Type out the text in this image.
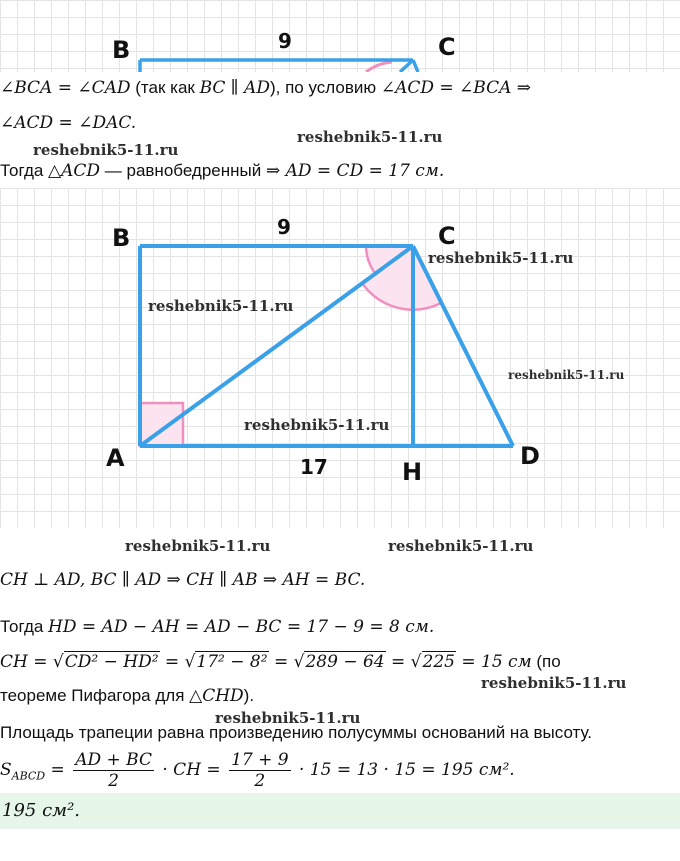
B	C
9
∠BCA = ∠CAD (так как BC ∥ AD), по условию ∠ACD = ∠BCA ⇒
∠ACD = ∠DAC.
reshebnik5-11.ru
reshebnik5-11.ru
Тогда △ACD — равнобедренный ⇒ AD = CD = 17 см.
B	C
A	D
H
9
17
reshebnik5-11.ru
reshebnik5-11.ru
reshebnik5-11.ru
reshebnik5-11.ru
reshebnik5-11.ru	reshebnik5-11.ru
CH ⊥ AD, BC ∥ AD ⇒ CH ∥ AB ⇒ AH = BC.
Тогда HD = AD − AH = AD − BC = 17 − 9 = 8 см.
CH = √CD² − HD² = √17² − 8² = √289 − 64 = √225 = 15 см (по
теореме Пифагора для △CHD).
reshebnik5-11.ru
reshebnik5-11.ru
Площадь трапеции равна произведению полусуммы оснований на высоту.
$S_{ABCD} = \frac{AD + BC}{2}$ · CH = $\frac{17 + 9}{2} \cdot 15 = 13 \cdot 15 = 195$ см².
195 см².
